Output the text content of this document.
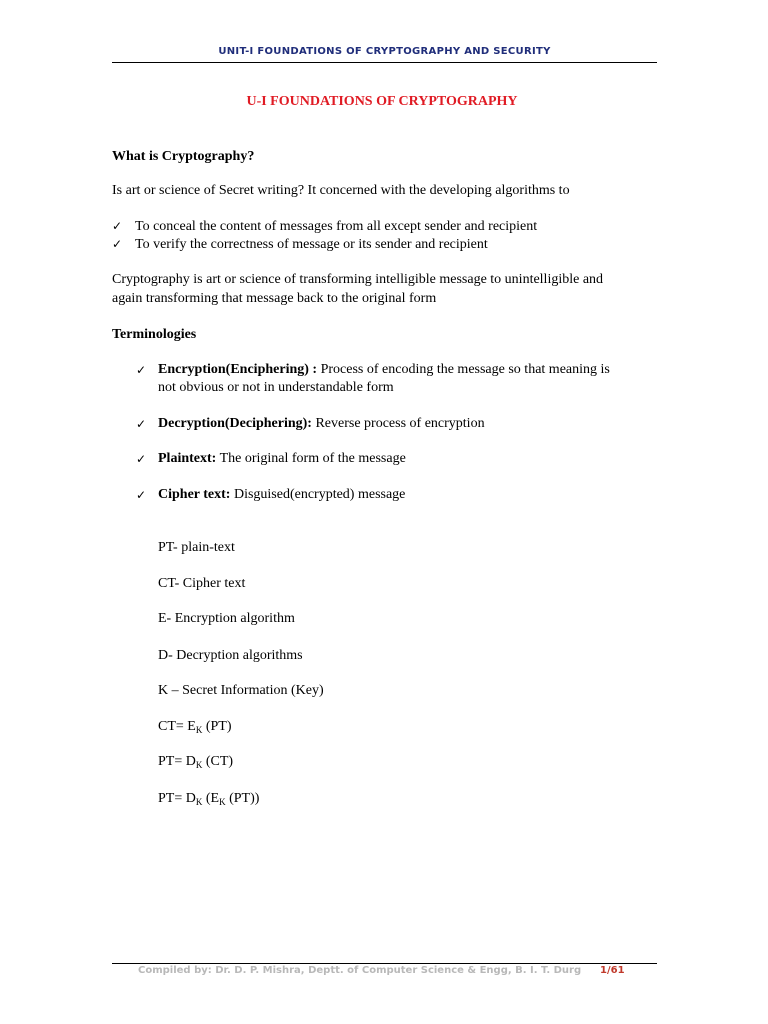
UNIT-I FOUNDATIONS OF CRYPTOGRAPHY AND SECURITY
U-I FOUNDATIONS OF CRYPTOGRAPHY
What is Cryptography?
Is art or science of Secret writing? It concerned with the developing algorithms to
✓ To conceal the content of messages from all except sender and recipient
✓ To verify the correctness of message or its sender and recipient
Cryptography is art or science of transforming intelligible message to unintelligible and
again transforming that message back to the original form
Terminologies
✓ Encryption(Enciphering) : Process of encoding the message so that meaning is
not obvious or not in understandable form
✓ Decryption(Deciphering): Reverse process of encryption
✓ Plaintext: The original form of the message
✓ Cipher text: Disguised(encrypted) message
PT- plain-text
CT- Cipher text
E- Encryption algorithm
D- Decryption algorithms
K – Secret Information (Key)
$CT= E_K$ (PT)
$PT= D_K$ (CT)
$PT= D_K$ ($E_K$ (PT))
Compiled by: Dr. D. P. Mishra, Deptt. of Computer Science & Engg, B. I. T. Durg 1/61
